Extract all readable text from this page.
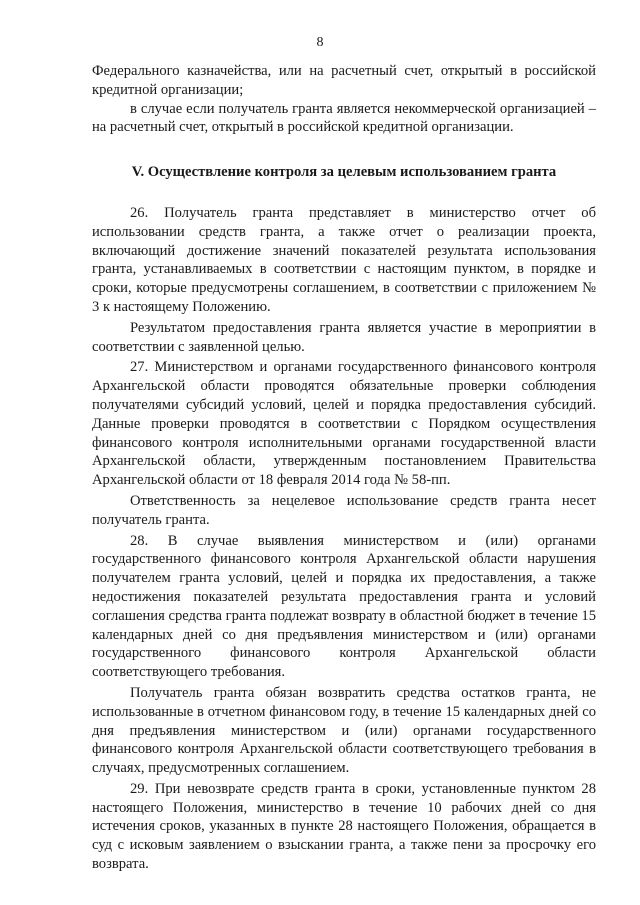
8

Федерального казначейства, или на расчетный счет, открытый в российской кредитной организации;

в случае если получатель гранта является некоммерческой организацией – на расчетный счет, открытый в российской кредитной организации.

V. Осуществление контроля за целевым использованием гранта

26. Получатель гранта представляет в министерство отчет об использовании средств гранта, а также отчет о реализации проекта, включающий достижение значений показателей результата использования гранта, устанавливаемых в соответствии с настоящим пунктом, в порядке и сроки, которые предусмотрены соглашением, в соответствии с приложением № 3 к настоящему Положению.

Результатом предоставления гранта является участие в мероприятии в соответствии с заявленной целью.

27. Министерством и органами государственного финансового контроля Архангельской области проводятся обязательные проверки соблюдения получателями субсидий условий, целей и порядка предоставления субсидий. Данные проверки проводятся в соответствии с Порядком осуществления финансового контроля исполнительными органами государственной власти Архангельской области, утвержденным постановлением Правительства Архангельской области от 18 февраля 2014 года № 58-пп.

Ответственность за нецелевое использование средств гранта несет получатель гранта.

28. В случае выявления министерством и (или) органами государственного финансового контроля Архангельской области нарушения получателем гранта условий, целей и порядка их предоставления, а также недостижения показателей результата предоставления гранта и условий соглашения средства гранта подлежат возврату в областной бюджет в течение 15 календарных дней со дня предъявления министерством и (или) органами государственного финансового контроля Архангельской области соответствующего требования.

Получатель гранта обязан возвратить средства остатков гранта, не использованные в отчетном финансовом году, в течение 15 календарных дней со дня предъявления министерством и (или) органами государственного финансового контроля Архангельской области соответствующего требования в случаях, предусмотренных соглашением.

29. При невозврате средств гранта в сроки, установленные пунктом 28 настоящего Положения, министерство в течение 10 рабочих дней со дня истечения сроков, указанных в пункте 28 настоящего Положения, обращается в суд с исковым заявлением о взыскании гранта, а также пени за просрочку его возврата.
